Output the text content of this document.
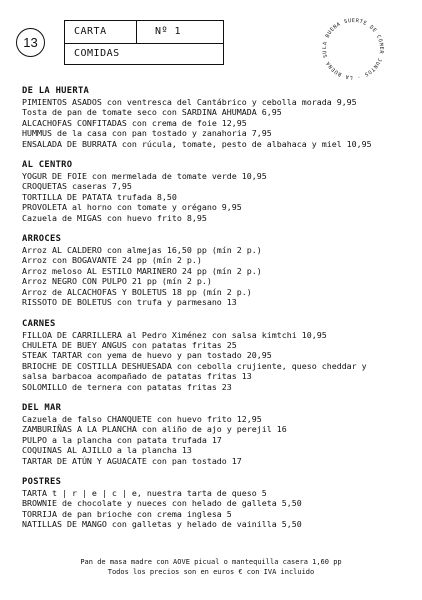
13
CARTA	Nº 1
COMIDAS
LA BUENA SUERTE DE COMER JUNTOS · LA BUENA SU
DE LA HUERTA
PIMIENTOS ASADOS con ventresca del Cantábrico y cebolla morada 9,95
Tosta de pan de tomate seco con SARDINA AHUMADA 6,95
ALCACHOFAS CONFITADAS con crema de foie 12,95
HUMMUS de la casa con pan tostado y zanahoria 7,95
ENSALADA DE BURRATA con rúcula, tomate, pesto de albahaca y miel 10,95
AL CENTRO
YOGUR DE FOIE con mermelada de tomate verde 10,95
CROQUETAS caseras 7,95
TORTILLA DE PATATA trufada 8,50
PROVOLETA al horno con tomate y orégano 9,95
Cazuela de MIGAS con huevo frito 8,95
ARROCES
Arroz AL CALDERO con almejas 16,50 pp (mín 2 p.)
Arroz con BOGAVANTE 24 pp (mín 2 p.)
Arroz meloso AL ESTILO MARINERO 24 pp (mín 2 p.)
Arroz NEGRO CON PULPO 21 pp (mín 2 p.)
Arroz de ALCACHOFAS Y BOLETUS 18 pp (mín 2 p.)
RISSOTO DE BOLETUS con trufa y parmesano 13
CARNES
FILLOA DE CARRILLERA al Pedro Ximénez con salsa kimtchi 10,95
CHULETA DE BUEY ANGUS con patatas fritas 25
STEAK TARTAR con yema de huevo y pan tostado 20,95
BRIOCHE DE COSTILLA DESHUESADA con cebolla crujiente, queso cheddar y
salsa barbacoa acompañado de patatas fritas 13
SOLOMILLO de ternera con patatas fritas 23
DEL MAR
Cazuela de falso CHANQUETE con huevo frito 12,95
ZAMBURIÑAS A LA PLANCHA con aliño de ajo y perejil 16
PULPO a la plancha con patata trufada 17
COQUINAS AL AJILLO a la plancha 13
TARTAR DE ATÚN Y AGUACATE con pan tostado 17
POSTRES
TARTA t | r | e | c | e, nuestra tarta de queso 5
BROWNIE de chocolate y nueces con helado de galleta 5,50
TORRIJA de pan brioche con crema inglesa 5
NATILLAS DE MANGO con galletas y helado de vainilla 5,50
Pan de masa madre con AOVE picual o mantequilla casera 1,60 pp
Todos los precios son en euros € con IVA incluido
